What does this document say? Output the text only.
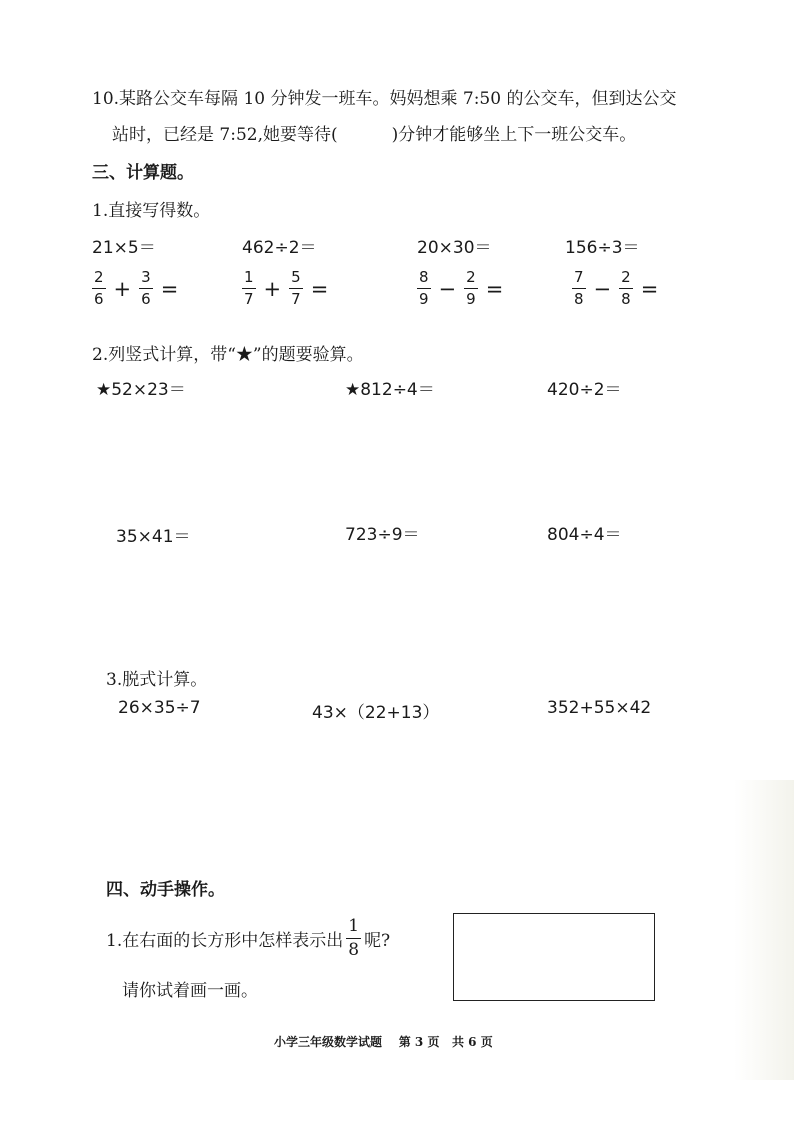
10.某路公交车每隔 10 分钟发一班车。妈妈想乘 7:50 的公交车，但到达公交
站时，已经是 7:52,她要等待(	)分钟才能够坐上下一班公交车。
三、计算题。
1.直接写得数。
21×5＝	462÷2＝	20×30＝	156÷3＝
$\frac{2}{6} + \frac{3}{6}$ =	$\frac{1}{7} + \frac{5}{7}$ =	$\frac{8}{9} - \frac{2}{9}$ =	$\frac{7}{8} - \frac{2}{8}$ =
2.列竖式计算，带“★”的题要验算。
★52×23＝	★812÷4＝	420÷2＝
35×41＝	723÷9＝	804÷4＝
3.脱式计算。
26×35÷7	43×（22+13）	352+55×42
四、动手操作。
1.在右面的长方形中怎样表示出 $\frac{1}{8}$ 呢?
请你试着画一画。
小学三年级数学试题 第 3 页 共 6 页
